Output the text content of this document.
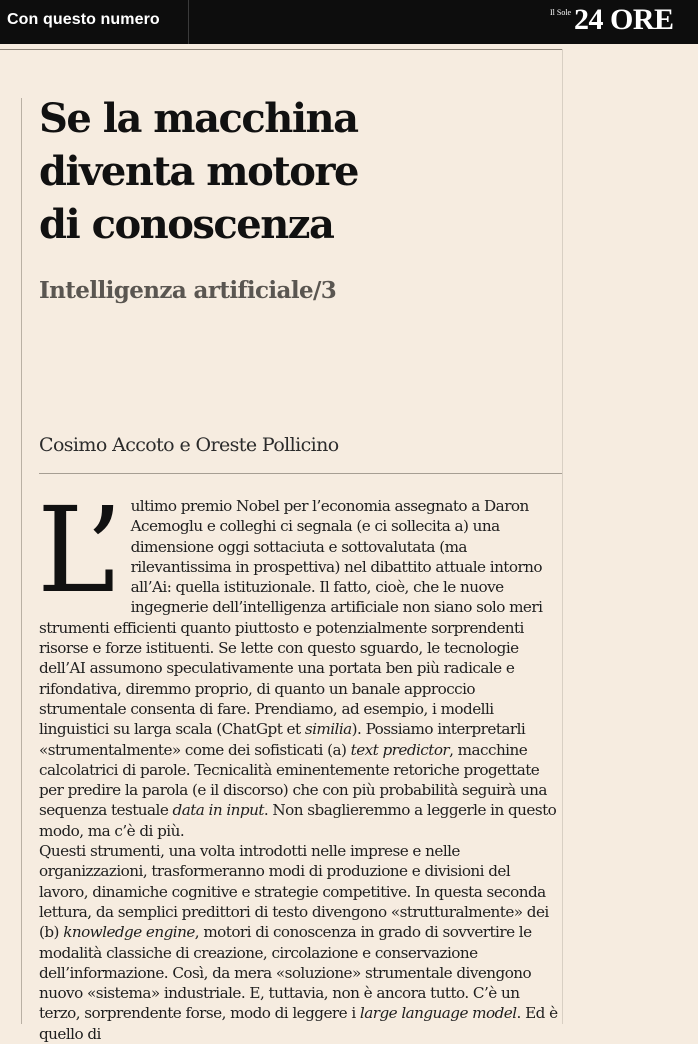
Con questo numero	Il Sole 24 ORE
Se la macchina
diventa motore
di conoscenza
Intelligenza artificiale/3

Cosimo Accoto e Oreste Pollicino

L’ ultimo premio Nobel per l’economia assegnato a Daron Acemoglu e colleghi ci segnala (e ci sollecita a) una dimensione oggi sottaciuta e sottovalutata (ma rilevantissima in prospettiva) nel dibattito attuale intorno all’Ai: quella istituzionale. Il fatto, cioè, che le nuove ingegnerie dell’intelligenza artificiale non siano solo meri strumenti efficienti quanto piuttosto e potenzialmente sorprendenti risorse e forze istituenti. Se lette con questo sguardo, le tecnologie dell’AI assumono speculativamente una portata ben più radicale e rifondativa, diremmo proprio, di quanto un banale approccio strumentale consenta di fare. Prendiamo, ad esempio, i modelli linguistici su larga scala (ChatGpt et similia). Possiamo interpretarli «strumentalmente» come dei sofisticati (a) text predictor, macchine calcolatrici di parole. Tecnicalità eminentemente retoriche progettate per predire la parola (e il discorso) che con più probabilità seguirà una sequenza testuale data in input. Non sbaglieremmo a leggerle in questo modo, ma c’è di più.

Questi strumenti, una volta introdotti nelle imprese e nelle organizzazioni, trasformeranno modi di produzione e divisioni del lavoro, dinamiche cognitive e strategie competitive. In questa seconda lettura, da semplici predittori di testo divengono «strutturalmente» dei (b) knowledge engine, motori di conoscenza in grado di sovvertire le modalità classiche di creazione, circolazione e conservazione dell’informazione. Così, da mera «soluzione» strumentale divengono nuovo «sistema» industriale. E, tuttavia, non è ancora tutto. C’è un terzo, sorprendente forse, modo di leggere i large language model. Ed è quello di
